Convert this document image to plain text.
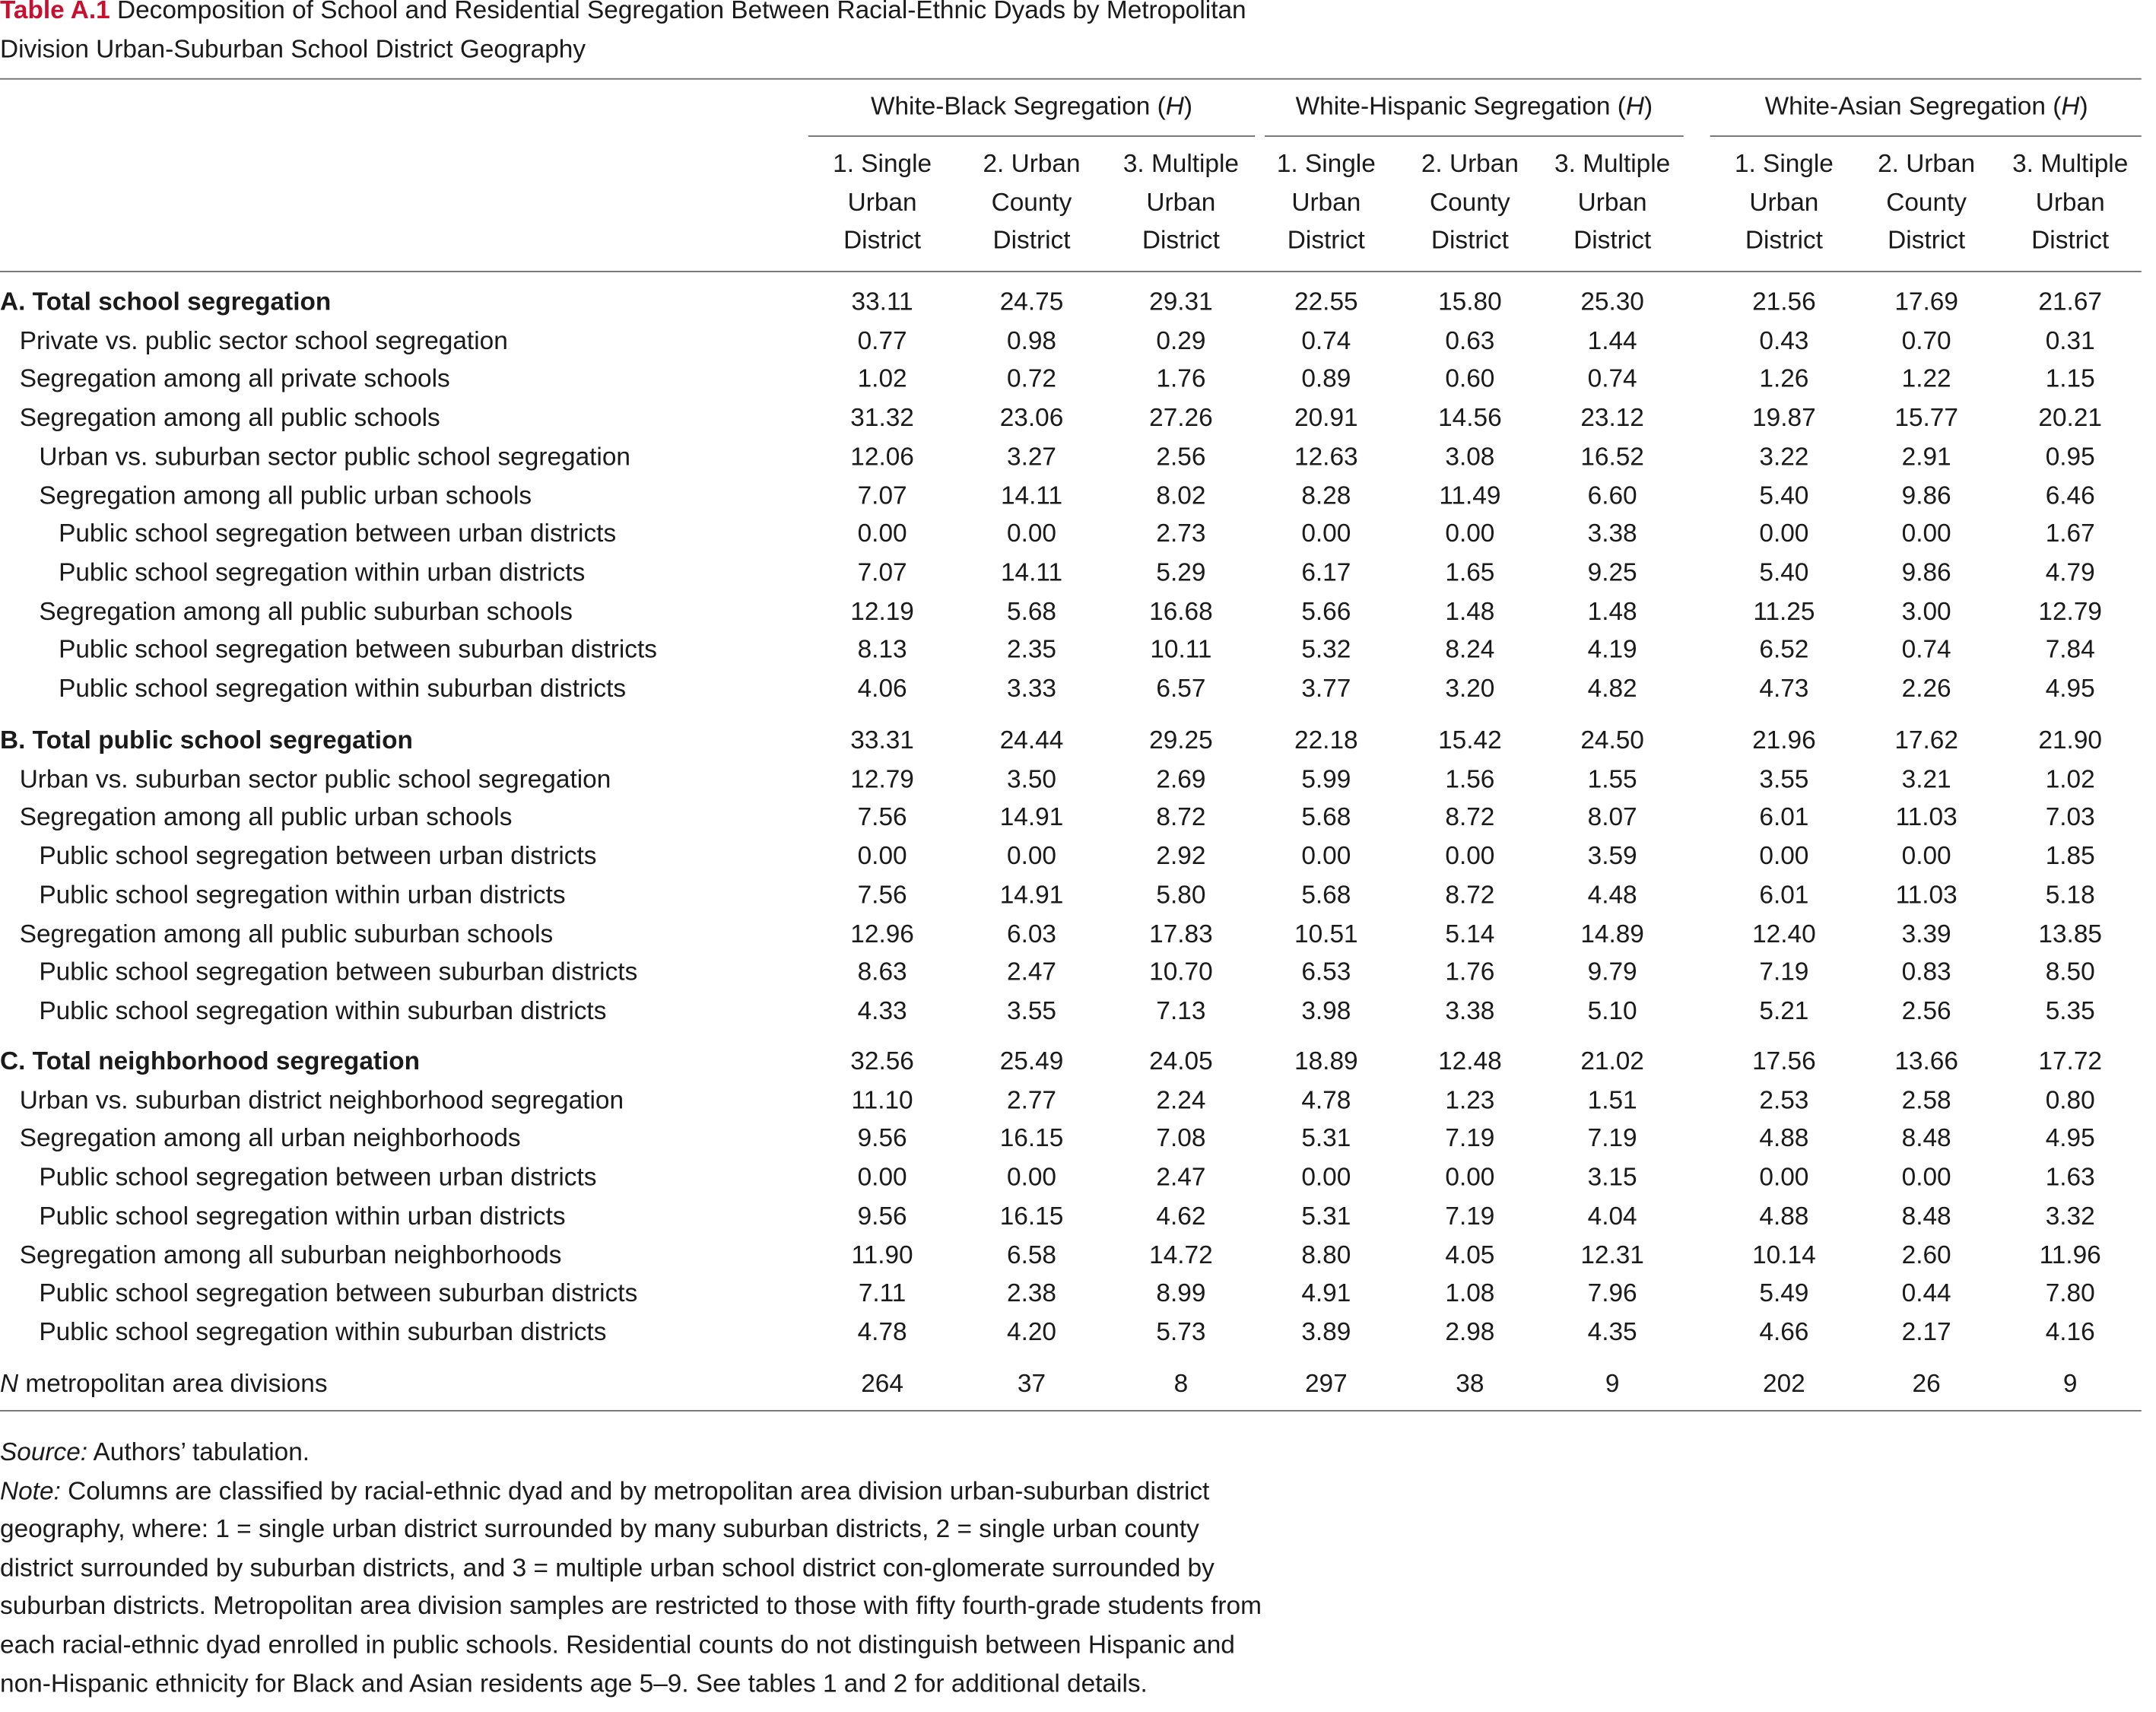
Table A.1 Decomposition of School and Residential Segregation Between Racial-Ethnic Dyads by Metropolitan Division Urban-Suburban School District Geography
White-Black Segregation (H)	White-Hispanic Segregation (H)	White-Asian Segregation (H)
1. Single
Urban
District
2. Urban
County
District
3. Multiple
Urban
District
1. Single
Urban
District
2. Urban
County
District
3. Multiple
Urban
District
1. Single
Urban
District
2. Urban
County
District
3. Multiple
Urban
District
A. Total school segregation	33.11	24.75	29.31	22.55	15.80	25.30	21.56	17.69	21.67
Private vs. public sector school segregation	0.77	0.98	0.29	0.74	0.63	1.44	0.43	0.70	0.31
Segregation among all private schools	1.02	0.72	1.76	0.89	0.60	0.74	1.26	1.22	1.15
Segregation among all public schools	31.32	23.06	27.26	20.91	14.56	23.12	19.87	15.77	20.21
Urban vs. suburban sector public school segregation	12.06	3.27	2.56	12.63	3.08	16.52	3.22	2.91	0.95
Segregation among all public urban schools	7.07	14.11	8.02	8.28	11.49	6.60	5.40	9.86	6.46
Public school segregation between urban districts	0.00	0.00	2.73	0.00	0.00	3.38	0.00	0.00	1.67
Public school segregation within urban districts	7.07	14.11	5.29	6.17	1.65	9.25	5.40	9.86	4.79
Segregation among all public suburban schools	12.19	5.68	16.68	5.66	1.48	1.48	11.25	3.00	12.79
Public school segregation between suburban districts	8.13	2.35	10.11	5.32	8.24	4.19	6.52	0.74	7.84
Public school segregation within suburban districts	4.06	3.33	6.57	3.77	3.20	4.82	4.73	2.26	4.95
B. Total public school segregation	33.31	24.44	29.25	22.18	15.42	24.50	21.96	17.62	21.90
Urban vs. suburban sector public school segregation	12.79	3.50	2.69	5.99	1.56	1.55	3.55	3.21	1.02
Segregation among all public urban schools	7.56	14.91	8.72	5.68	8.72	8.07	6.01	11.03	7.03
Public school segregation between urban districts	0.00	0.00	2.92	0.00	0.00	3.59	0.00	0.00	1.85
Public school segregation within urban districts	7.56	14.91	5.80	5.68	8.72	4.48	6.01	11.03	5.18
Segregation among all public suburban schools	12.96	6.03	17.83	10.51	5.14	14.89	12.40	3.39	13.85
Public school segregation between suburban districts	8.63	2.47	10.70	6.53	1.76	9.79	7.19	0.83	8.50
Public school segregation within suburban districts	4.33	3.55	7.13	3.98	3.38	5.10	5.21	2.56	5.35
C. Total neighborhood segregation	32.56	25.49	24.05	18.89	12.48	21.02	17.56	13.66	17.72
Urban vs. suburban district neighborhood segregation	11.10	2.77	2.24	4.78	1.23	1.51	2.53	2.58	0.80
Segregation among all urban neighborhoods	9.56	16.15	7.08	5.31	7.19	7.19	4.88	8.48	4.95
Public school segregation between urban districts	0.00	0.00	2.47	0.00	0.00	3.15	0.00	0.00	1.63
Public school segregation within urban districts	9.56	16.15	4.62	5.31	7.19	4.04	4.88	8.48	3.32
Segregation among all suburban neighborhoods	11.90	6.58	14.72	8.80	4.05	12.31	10.14	2.60	11.96
Public school segregation between suburban districts	7.11	2.38	8.99	4.91	1.08	7.96	5.49	0.44	7.80
Public school segregation within suburban districts	4.78	4.20	5.73	3.89	2.98	4.35	4.66	2.17	4.16
N metropolitan area divisions	264	37	8	297	38	9	202	26	9

Source: Authors’ tabulation.

Note: Columns are classified by racial-ethnic dyad and by metropolitan area division urban-suburban district geography, where: 1 = single urban district surrounded by many suburban districts, 2 = single urban county district surrounded by suburban districts, and 3 = multiple urban school district con-glomerate surrounded by suburban districts. Metropolitan area division samples are restricted to those with fifty fourth-grade students from each racial-ethnic dyad enrolled in public schools. Residential counts do not distinguish between Hispanic and non-Hispanic ethnicity for Black and Asian residents age 5–9. See tables 1 and 2 for additional details.
